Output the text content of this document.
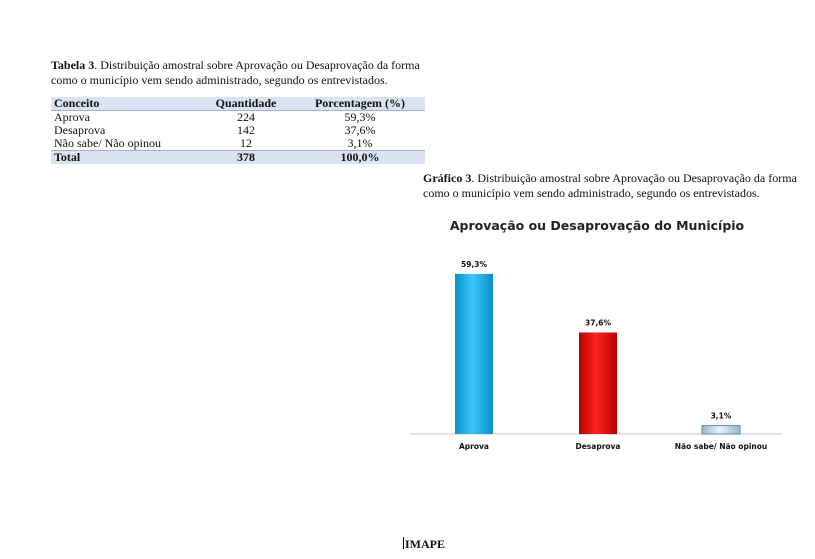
Tabela 3. Distribuição amostral sobre Aprovação ou Desaprovação da forma como o município vem sendo administrado, segundo os entrevistados.
Conceito	Quantidade	Porcentagem (%)
Aprova	224	59,3%
Desaprova	142	37,6%
Não sabe/ Não opinou	12	3,1%
Total	378	100,0%
Gráfico 3. Distribuição amostral sobre Aprovação ou Desaprovação da forma como o município vem sendo administrado, segundo os entrevistados.
Aprovação ou Desaprovação do Município
59,3%
Aprova
37,6%
Desaprova
3,1%
Não sabe/ Não opinou
IMAPE
